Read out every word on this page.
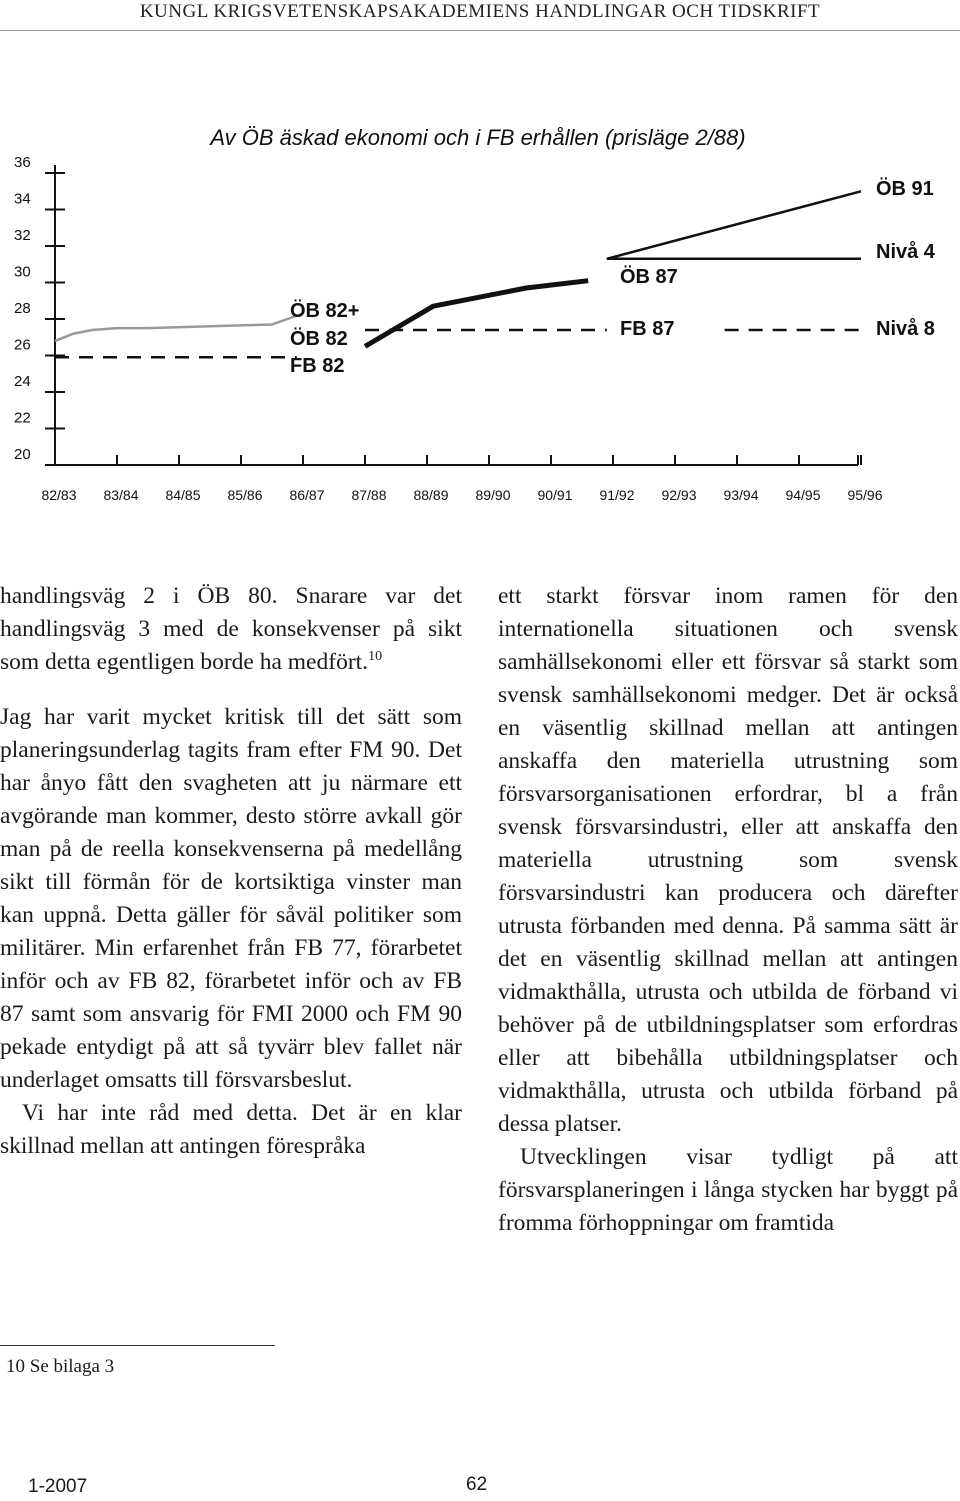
KUNGL KRIGSVETENSKAPSAKADEMIENS HANDLINGAR OCH TIDSKRIFT
Av ÖB äskad ekonomi och i FB erhållen (prisläge 2/88)
20
22
24
26
28
30
32
34
36
82/83 83/84 84/85 85/86 86/87 87/88 88/89 89/90 90/91 91/92 92/93 93/94 94/95 95/96
ÖB 82+
ÖB 82
FB 82
ÖB 87
FB 87
ÖB 91
Nivå 4
Nivå 8

handlingsväg 2 i ÖB 80. Snarare var det handlingsväg 3 med de konsekvenser på sikt som detta egentligen borde ha medfört.$^{10}$

Jag har varit mycket kritisk till det sätt som planeringsunderlag tagits fram efter FM 90. Det har ånyo fått den svagheten att ju närmare ett avgörande man kommer, desto större avkall gör man på de reella konsekvenserna på medellång sikt till förmån för de kortsiktiga vinster man kan uppnå. Detta gäller för såväl politiker som militärer. Min erfarenhet från FB 77, förarbetet inför och av FB 82, förarbetet inför och av FB 87 samt som ansvarig för FMI 2000 och FM 90 pekade entydigt på att så tyvärr blev fallet när underlaget omsatts till försvarsbeslut.

Vi har inte råd med detta. Det är en klar skillnad mellan att antingen förespråka

ett starkt försvar inom ramen för den internationella situationen och svensk samhällsekonomi eller ett försvar så starkt som svensk samhällsekonomi medger. Det är också en väsentlig skillnad mellan att antingen anskaffa den materiella utrustning som försvarsorganisationen erfordrar, bl a från svensk försvarsindustri, eller att anskaffa den materiella utrustning som svensk försvarsindustri kan producera och därefter utrusta förbanden med denna. På samma sätt är det en väsentlig skillnad mellan att antingen vidmakthålla, utrusta och utbilda de förband vi behöver på de utbildningsplatser som erfordras eller att bibehålla utbildningsplatser och vidmakthålla, utrusta och utbilda förband på dessa platser.

Utvecklingen visar tydligt på att försvarsplaneringen i långa stycken har byggt på fromma förhoppningar om framtida

10 Se bilaga 3
1-2007	62
